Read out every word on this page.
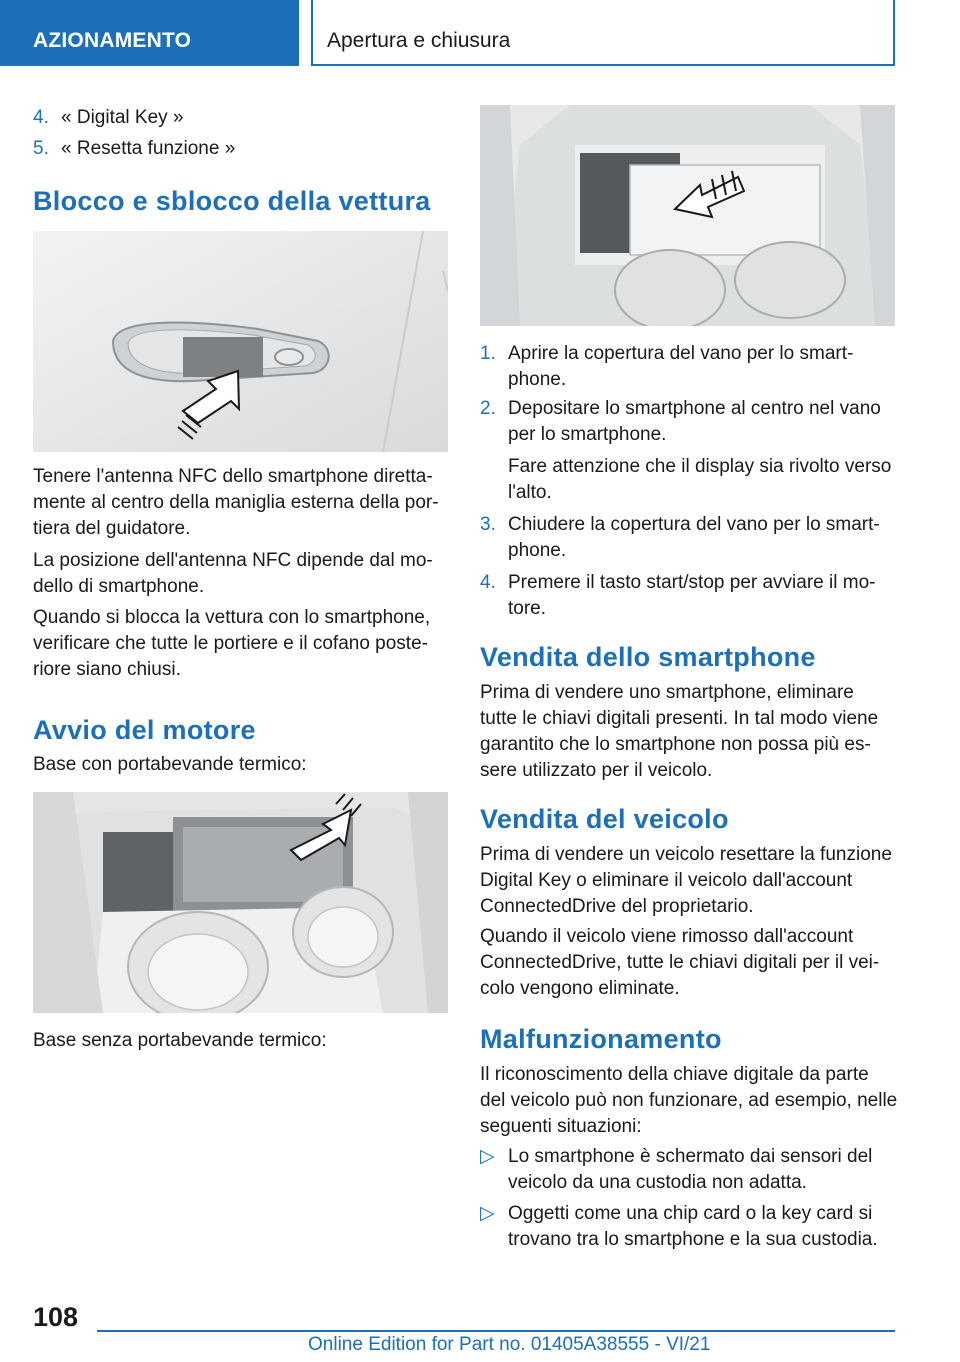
AZIONAMENTO	Apertura e chiusura
4. « Digital Key »
5. « Resetta funzione »
Blocco e sblocco della vettura
Tenere l'antenna NFC dello smartphone diretta-
mente al centro della maniglia esterna della por-
tiera del guidatore.
La posizione dell'antenna NFC dipende dal mo-
dello di smartphone.
Quando si blocca la vettura con lo smartphone,
verificare che tutte le portiere e il cofano poste-
riore siano chiusi.
Avvio del motore
Base con portabevande termico:
Base senza portabevande termico:
1. Aprire la copertura del vano per lo smart-
phone.
2. Depositare lo smartphone al centro nel vano
per lo smartphone.
Fare attenzione che il display sia rivolto verso
l'alto.
3. Chiudere la copertura del vano per lo smart-
phone.
4. Premere il tasto start/stop per avviare il mo-
tore.
Vendita dello smartphone
Prima di vendere uno smartphone, eliminare
tutte le chiavi digitali presenti. In tal modo viene
garantito che lo smartphone non possa più es-
sere utilizzato per il veicolo.
Vendita del veicolo
Prima di vendere un veicolo resettare la funzione
Digital Key o eliminare il veicolo dall'account
ConnectedDrive del proprietario.
Quando il veicolo viene rimosso dall'account
ConnectedDrive, tutte le chiavi digitali per il vei-
colo vengono eliminate.
Malfunzionamento
Il riconoscimento della chiave digitale da parte
del veicolo può non funzionare, ad esempio, nelle
seguenti situazioni:
▷ Lo smartphone è schermato dai sensori del
veicolo da una custodia non adatta.
▷ Oggetti come una chip card o la key card si
trovano tra lo smartphone e la sua custodia.
108
Online Edition for Part no. 01405A38555 - VI/21
